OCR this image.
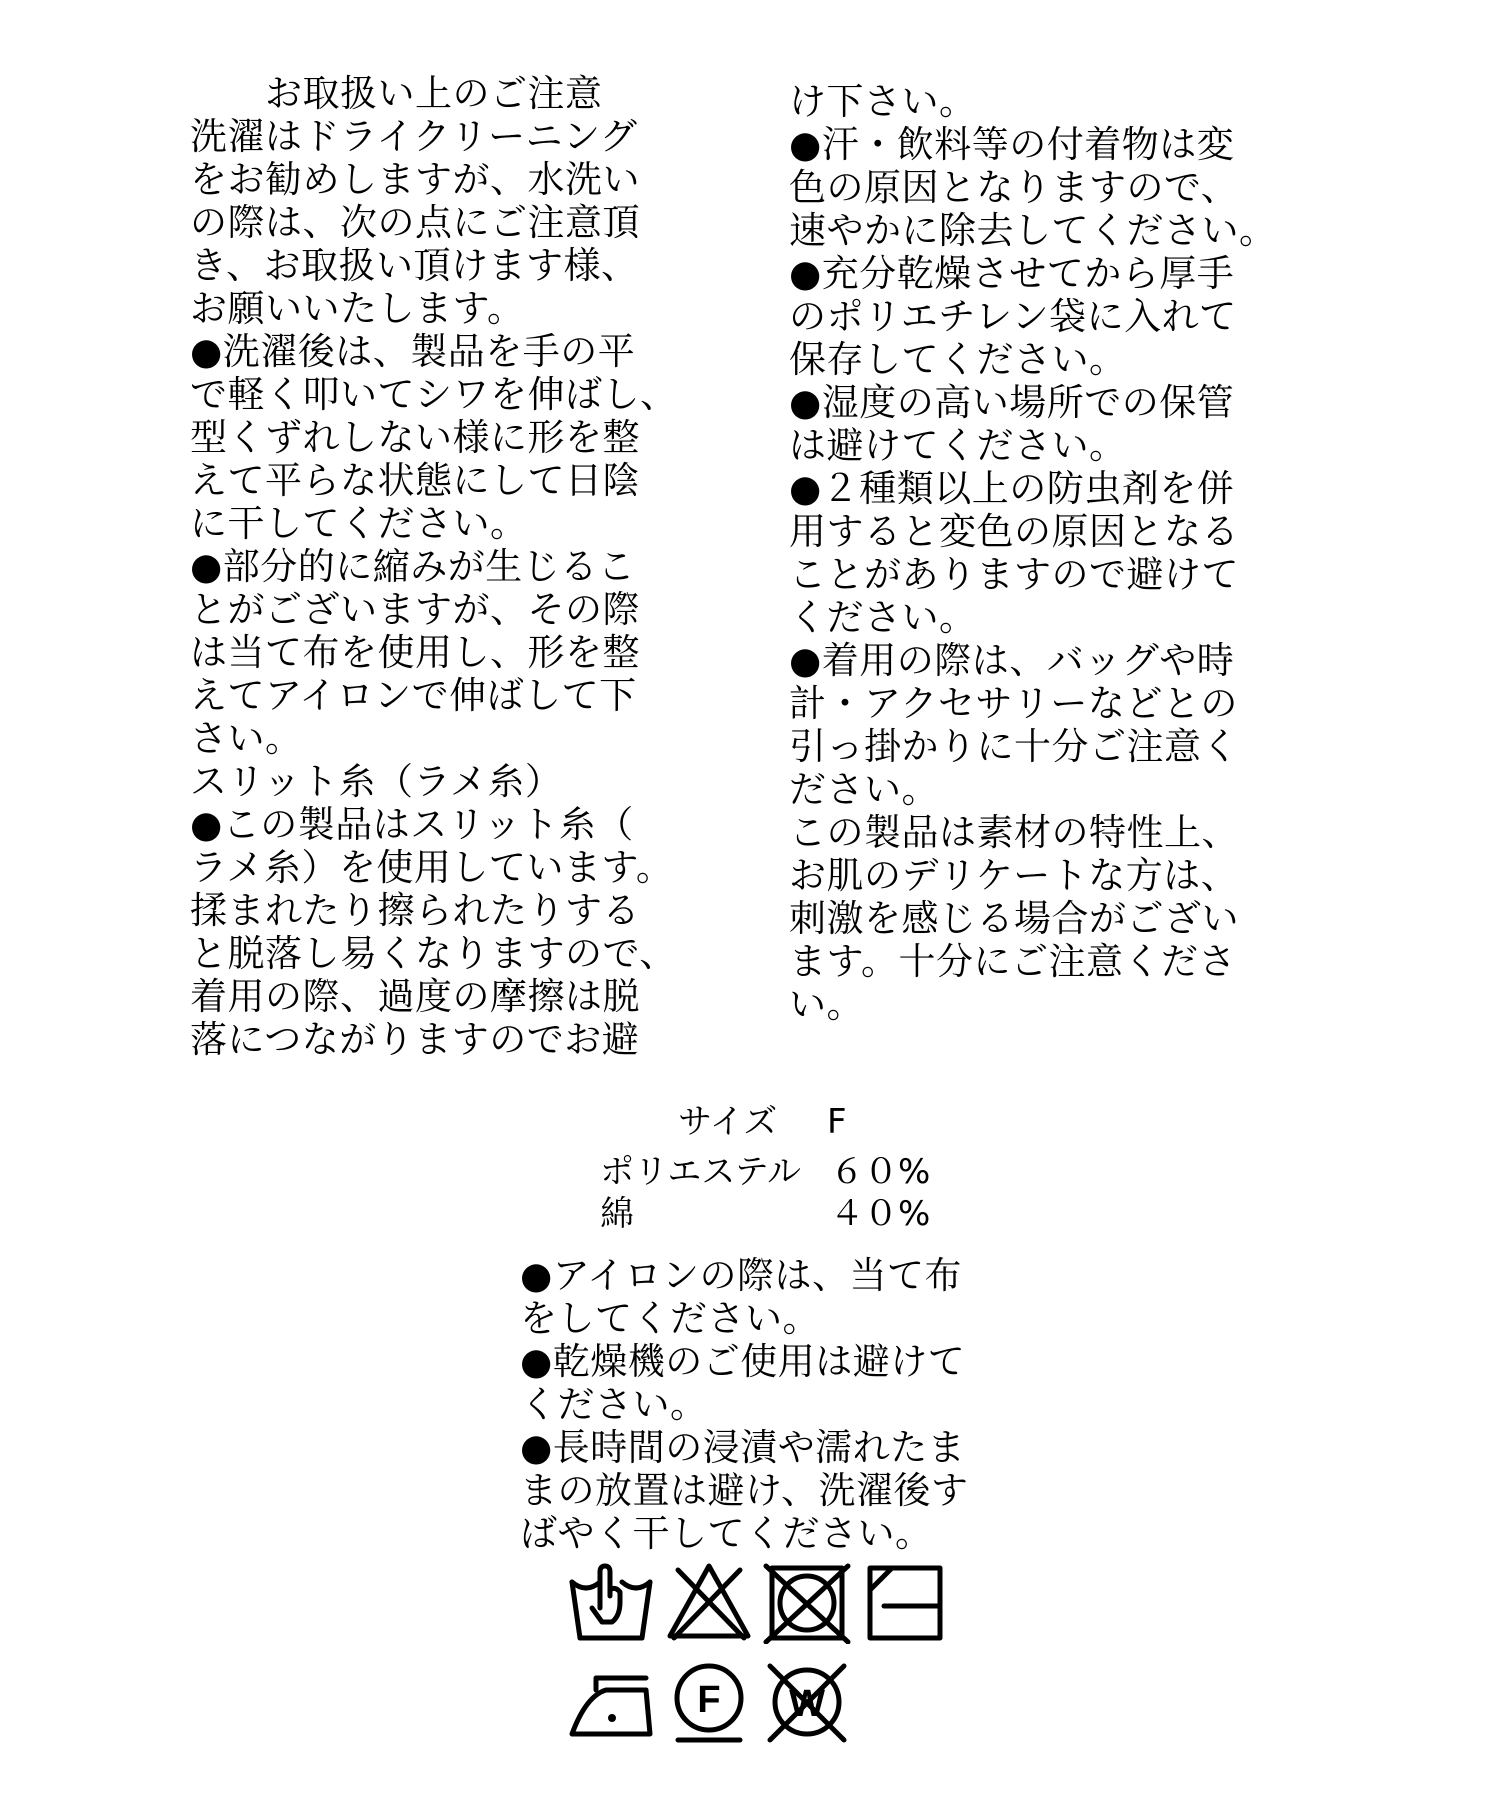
　　お取扱い上のご注意
洗濯はドライクリーニング
をお勧めしますが、水洗い
の際は、次の点にご注意頂
き、お取扱い頂けます様、
お願いいたします。
●洗濯後は、製品を手の平
で軽く叩いてシワを伸ばし、
型くずれしない様に形を整
えて平らな状態にして日陰
に干してください。
●部分的に縮みが生じるこ
とがございますが、その際
は当て布を使用し、形を整
えてアイロンで伸ばして下
さい。
スリット糸（ラメ糸）
●この製品はスリット糸（
ラメ糸）を使用しています。
揉まれたり擦られたりする
と脱落し易くなりますので、
着用の際、過度の摩擦は脱
落につながりますのでお避
け下さい。
●汗・飲料等の付着物は変
色の原因となりますので、
速やかに除去してください。
●充分乾燥させてから厚手
のポリエチレン袋に入れて
保存してください。
●湿度の高い場所での保管
は避けてください。
●２種類以上の防虫剤を併
用すると変色の原因となる
ことがありますので避けて
ください。
●着用の際は、バッグや時
計・アクセサリーなどとの
引っ掛かりに十分ご注意く
ださい。
この製品は素材の特性上、
お肌のデリケートな方は、
刺激を感じる場合がござい
ます。十分にご注意くださ
い。
サイズ F
ポリエステル ６０%
綿	４０%
●アイロンの際は、当て布
をしてください。
●乾燥機のご使用は避けて
ください。
●長時間の浸漬や濡れたま
まの放置は避け、洗濯後す
ばやく干してください。
F W
